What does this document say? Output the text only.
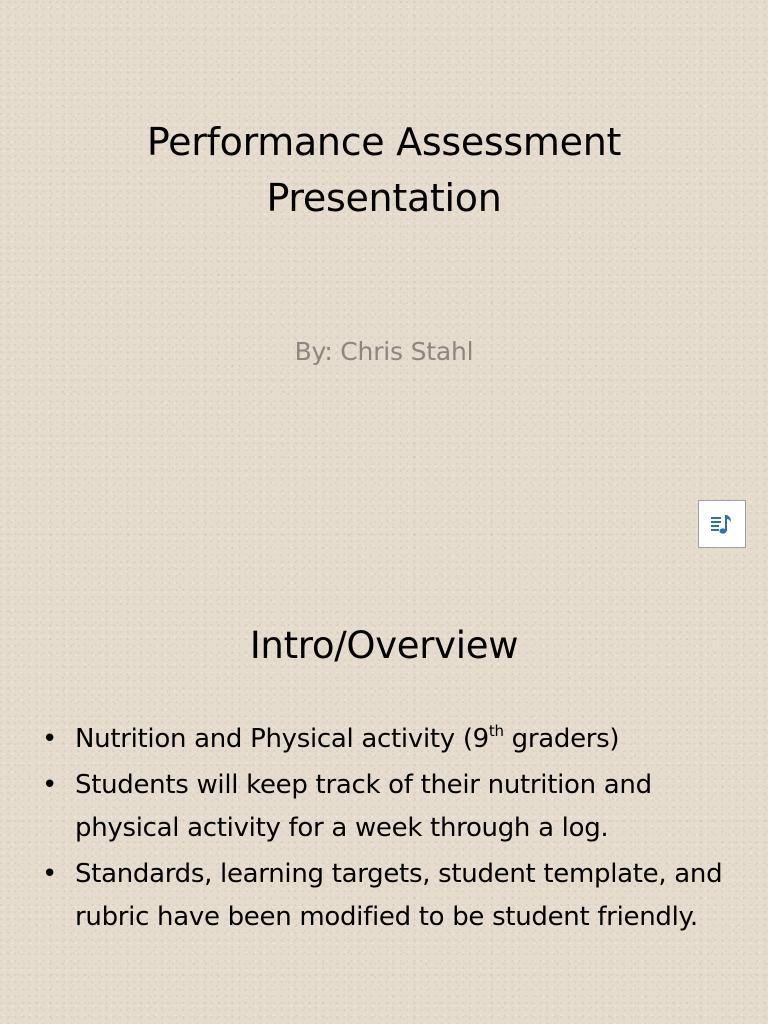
Performance Assessment
Presentation
By: Chris Stahl
Intro/Overview
• Nutrition and Physical activity (9th graders)
• Students will keep track of their nutrition and physical activity for a week through a log.
• Standards, learning targets, student template, and rubric have been modified to be student friendly.
